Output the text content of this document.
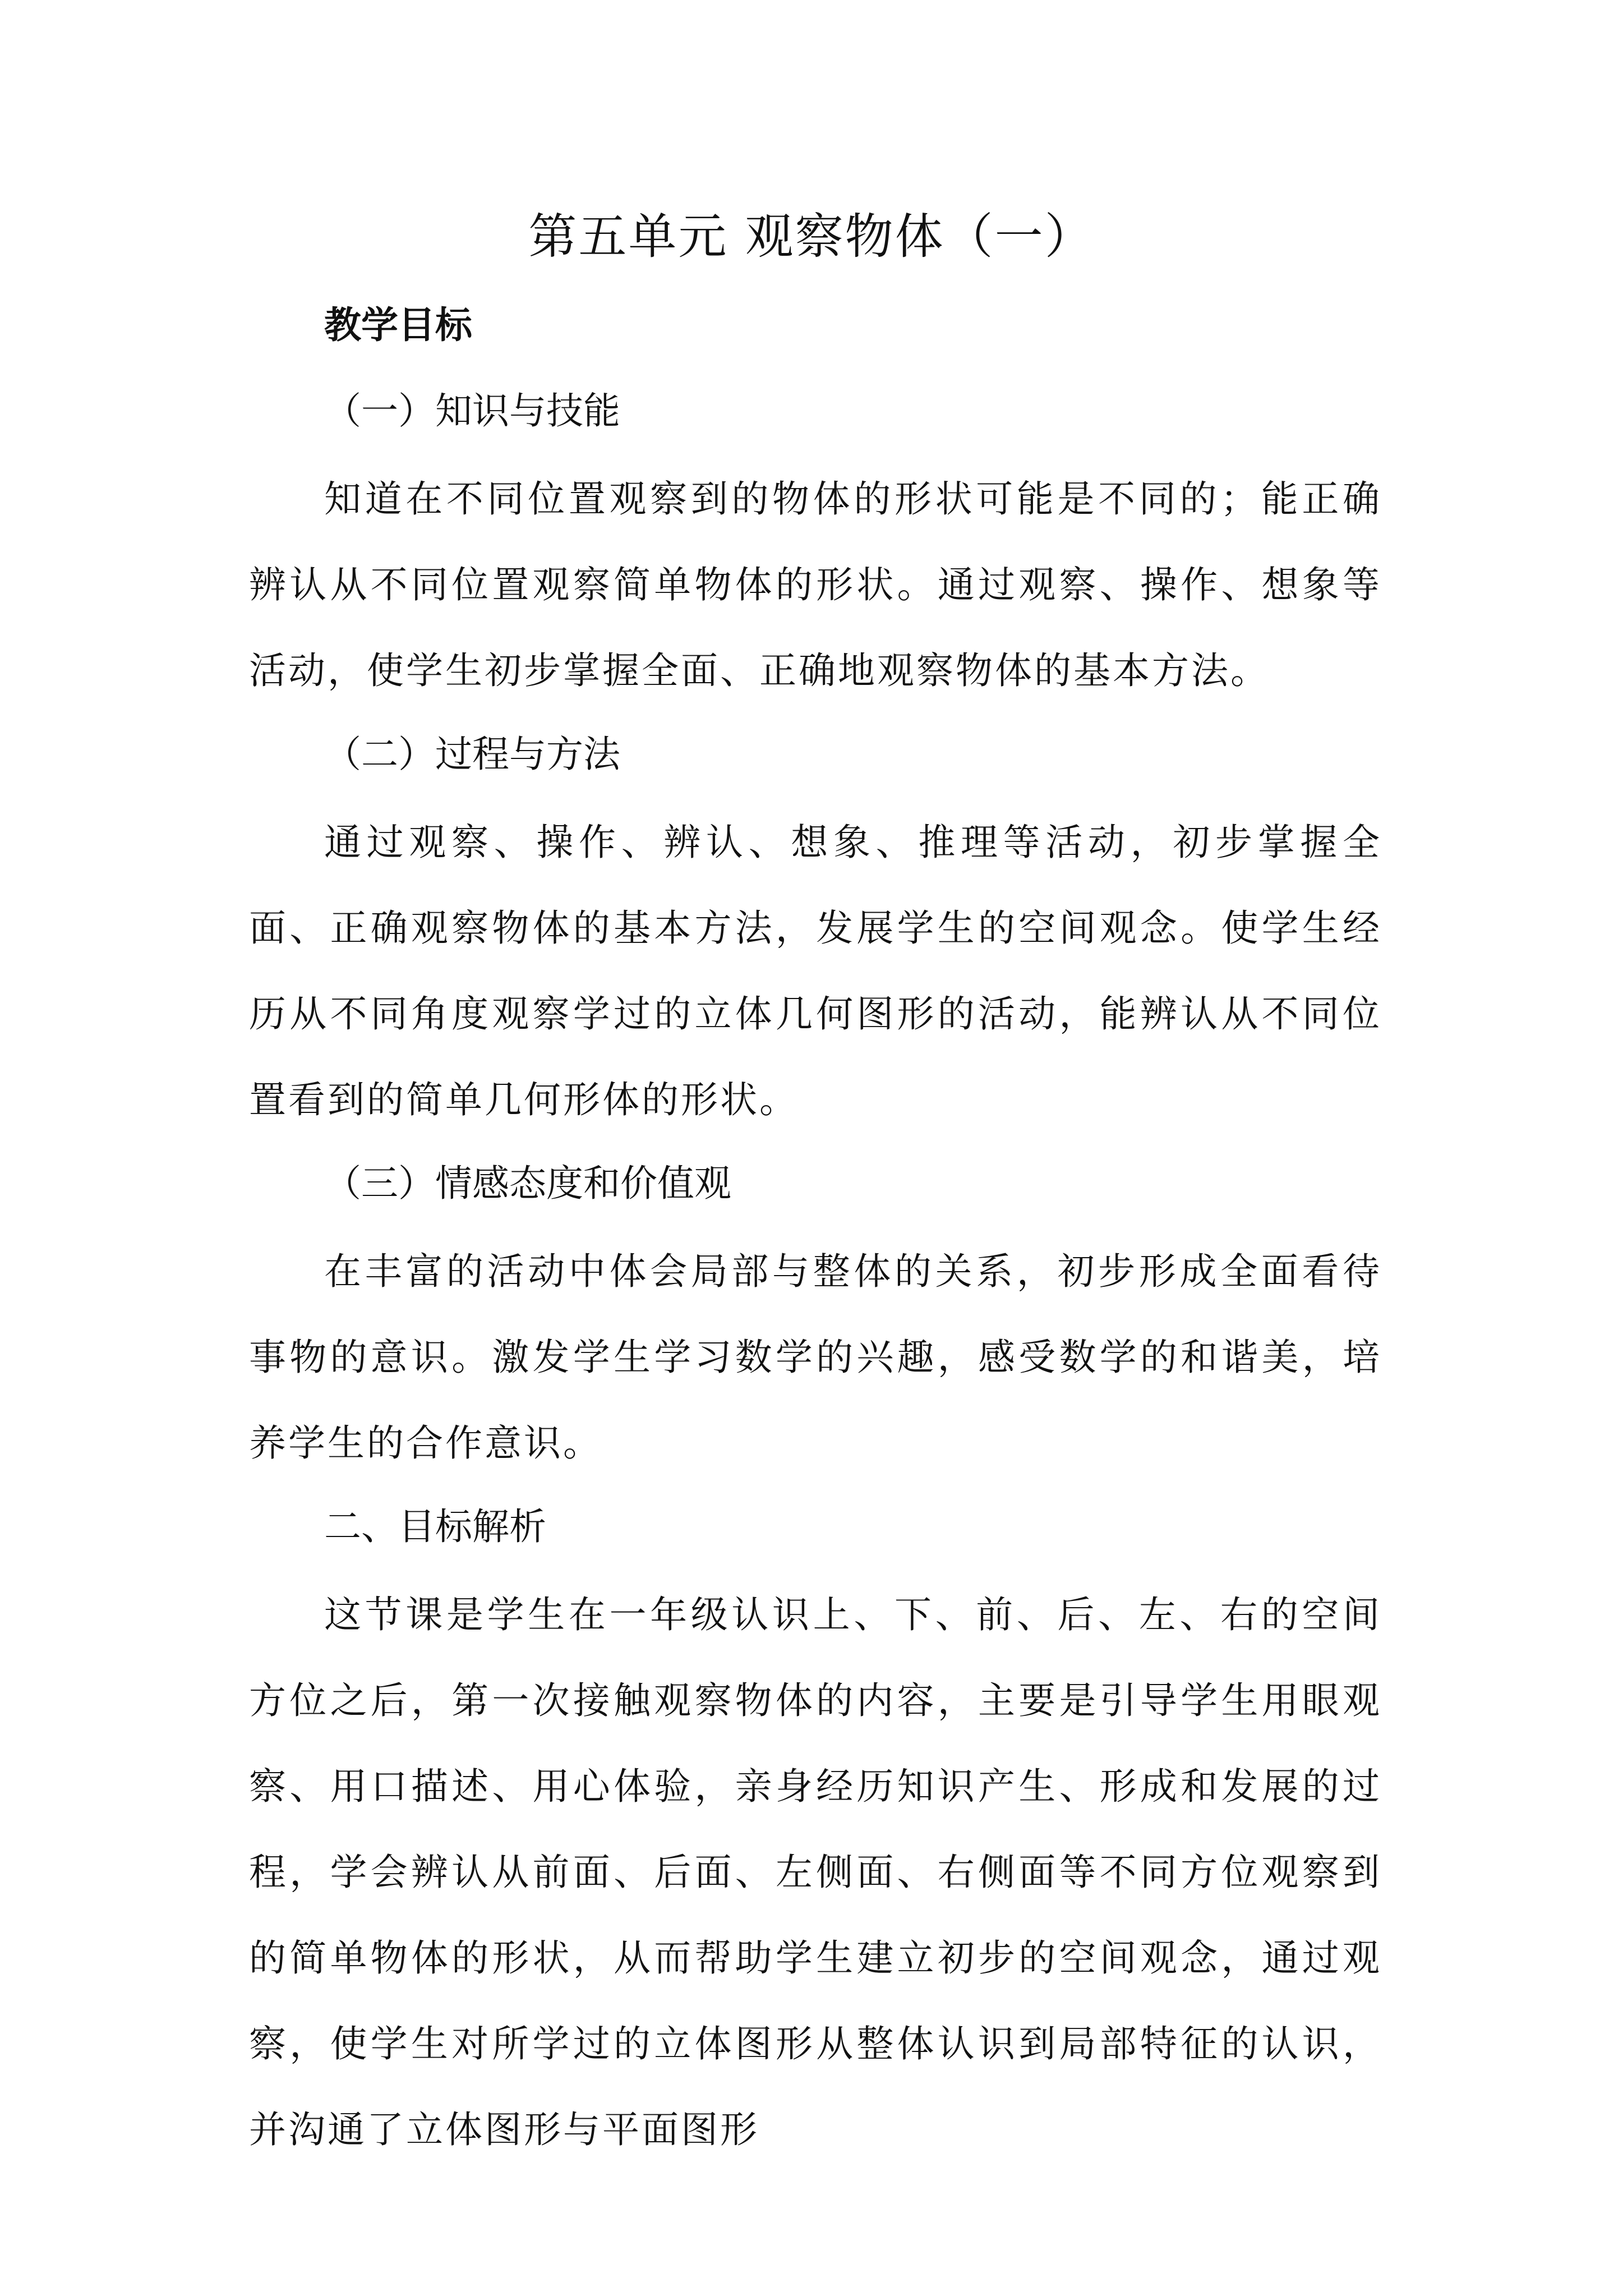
第五单元 观察物体（一）

教学目标

（一）知识与技能

知道在不同位置观察到的物体的形状可能是不同的；能正确辨认从不同位置观察简单物体的形状。通过观察、操作、想象等活动，使学生初步掌握全面、正确地观察物体的基本方法。

（二）过程与方法

通过观察、操作、辨认、想象、推理等活动，初步掌握全面、正确观察物体的基本方法，发展学生的空间观念。使学生经历从不同角度观察学过的立体几何图形的活动，能辨认从不同位置看到的简单几何形体的形状。

（三）情感态度和价值观

在丰富的活动中体会局部与整体的关系，初步形成全面看待事物的意识。激发学生学习数学的兴趣，感受数学的和谐美，培养学生的合作意识。

二、目标解析

这节课是学生在一年级认识上、下、前、后、左、右的空间方位之后，第一次接触观察物体的内容，主要是引导学生用眼观察、用口描述、用心体验，亲身经历知识产生、形成和发展的过程，学会辨认从前面、后面、左侧面、右侧面等不同方位观察到的简单物体的形状，从而帮助学生建立初步的空间观念，通过观察，使学生对所学过的立体图形从整体认识到局部特征的认识，并沟通了立体图形与平面图形
